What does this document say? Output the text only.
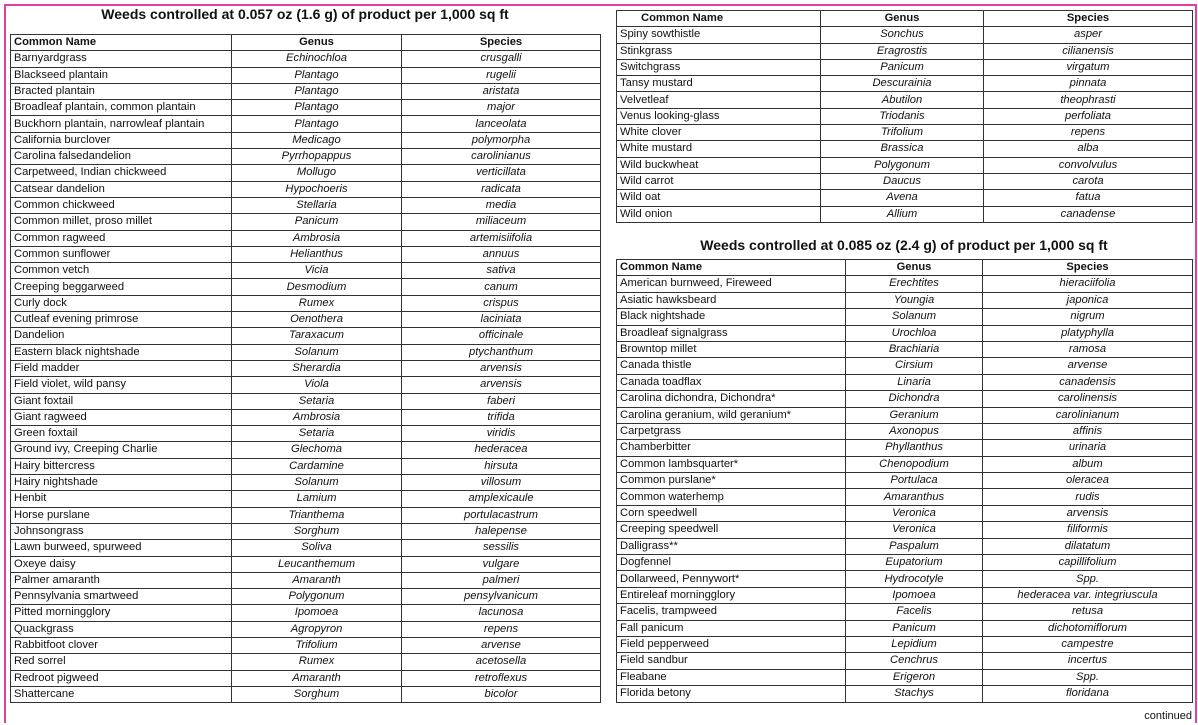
Weeds controlled at 0.057 oz (1.6 g) of product per 1,000 sq ft
Common Name	Genus	Species
Barnyardgrass	Echinochloa	crusgalli
Blackseed plantain	Plantago	rugelii
Bracted plantain	Plantago	aristata
Broadleaf plantain, common plantain	Plantago	major
Buckhorn plantain, narrowleaf plantain	Plantago	lanceolata
California burclover	Medicago	polymorpha
Carolina falsedandelion	Pyrrhopappus	carolinianus
Carpetweed, Indian chickweed	Mollugo	verticillata
Catsear dandelion	Hypochoeris	radicata
Common chickweed	Stellaria	media
Common millet, proso millet	Panicum	miliaceum
Common ragweed	Ambrosia	artemisiifolia
Common sunflower	Helianthus	annuus
Common vetch	Vicia	sativa
Creeping beggarweed	Desmodium	canum
Curly dock	Rumex	crispus
Cutleaf evening primrose	Oenothera	laciniata
Dandelion	Taraxacum	officinale
Eastern black nightshade	Solanum	ptychanthum
Field madder	Sherardia	arvensis
Field violet, wild pansy	Viola	arvensis
Giant foxtail	Setaria	faberi
Giant ragweed	Ambrosia	trifida
Green foxtail	Setaria	viridis
Ground ivy, Creeping Charlie	Glechoma	hederacea
Hairy bittercress	Cardamine	hirsuta
Hairy nightshade	Solanum	villosum
Henbit	Lamium	amplexicaule
Horse purslane	Trianthema	portulacastrum
Johnsongrass	Sorghum	halepense
Lawn burweed, spurweed	Soliva	sessilis
Oxeye daisy	Leucanthemum	vulgare
Palmer amaranth	Amaranth	palmeri
Pennsylvania smartweed	Polygonum	pensylvanicum
Pitted morningglory	Ipomoea	lacunosa
Quackgrass	Agropyron	repens
Rabbitfoot clover	Trifolium	arvense
Red sorrel	Rumex	acetosella
Redroot pigweed	Amaranth	retroflexus
Shattercane	Sorghum	bicolor
Common Name	Genus	Species
Spiny sowthistle	Sonchus	asper
Stinkgrass	Eragrostis	cilianensis
Switchgrass	Panicum	virgatum
Tansy mustard	Descurainia	pinnata
Velvetleaf	Abutilon	theophrasti
Venus looking-glass	Triodanis	perfoliata
White clover	Trifolium	repens
White mustard	Brassica	alba
Wild buckwheat	Polygonum	convolvulus
Wild carrot	Daucus	carota
Wild oat	Avena	fatua
Wild onion	Allium	canadense
Weeds controlled at 0.085 oz (2.4 g) of product per 1,000 sq ft
Common Name	Genus	Species
American burnweed, Fireweed	Erechtites	hieraciifolia
Asiatic hawksbeard	Youngia	japonica
Black nightshade	Solanum	nigrum
Broadleaf signalgrass	Urochloa	platyphylla
Browntop millet	Brachiaria	ramosa
Canada thistle	Cirsium	arvense
Canada toadflax	Linaria	canadensis
Carolina dichondra, Dichondra*	Dichondra	carolinensis
Carolina geranium, wild geranium*	Geranium	carolinianum
Carpetgrass	Axonopus	affinis
Chamberbitter	Phyllanthus	urinaria
Common lambsquarter*	Chenopodium	album
Common purslane*	Portulaca	oleracea
Common waterhemp	Amaranthus	rudis
Corn speedwell	Veronica	arvensis
Creeping speedwell	Veronica	filiformis
Dalligrass**	Paspalum	dilatatum
Dogfennel	Eupatorium	capillifolium
Dollarweed, Pennywort*	Hydrocotyle	Spp.
Entireleaf morningglory	Ipomoea	hederacea var. integriuscula
Facelis, trampweed	Facelis	retusa
Fall panicum	Panicum	dichotomiflorum
Field pepperweed	Lepidium	campestre
Field sandbur	Cenchrus	incertus
Fleabane	Erigeron	Spp.
Florida betony	Stachys	floridana
continued
